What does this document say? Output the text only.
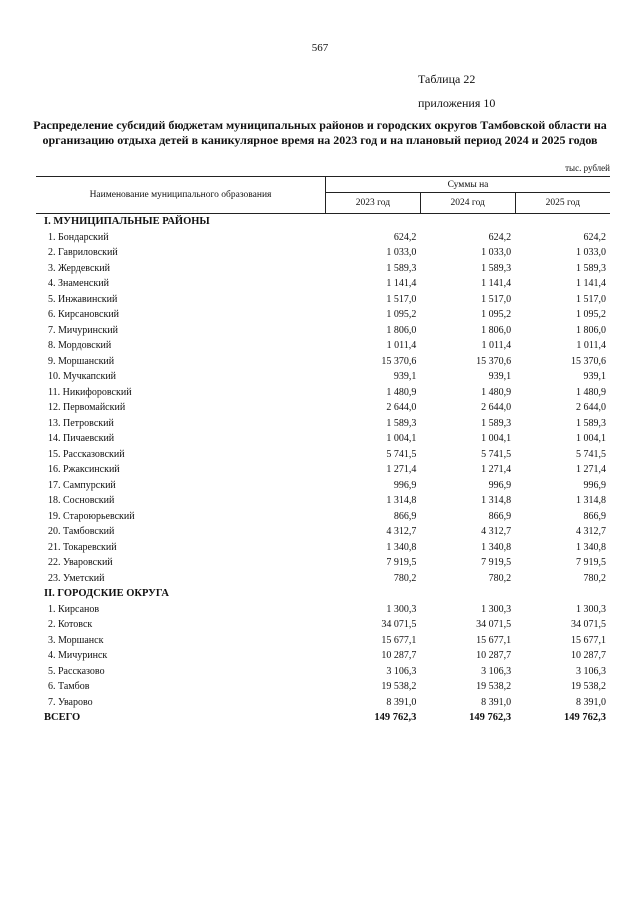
567
Таблица 22
приложения 10
Распределение субсидий бюджетам муниципальных районов и городских округов Тамбовской области на организацию отдыха детей в каникулярное время на 2023 год и на плановый период 2024 и 2025 годов
тыс. рублей
Наименование муниципального образования	Суммы на		
	2023 год	2024 год	2025 год
I. МУНИЦИПАЛЬНЫЕ РАЙОНЫ			
1. Бондарский	624,2	624,2	624,2
2. Гавриловский	1 033,0	1 033,0	1 033,0
3. Жердевский	1 589,3	1 589,3	1 589,3
4. Знаменский	1 141,4	1 141,4	1 141,4
5. Инжавинский	1 517,0	1 517,0	1 517,0
6. Кирсановский	1 095,2	1 095,2	1 095,2
7. Мичуринский	1 806,0	1 806,0	1 806,0
8. Мордовский	1 011,4	1 011,4	1 011,4
9. Моршанский	15 370,6	15 370,6	15 370,6
10. Мучкапский	939,1	939,1	939,1
11. Никифоровский	1 480,9	1 480,9	1 480,9
12. Первомайский	2 644,0	2 644,0	2 644,0
13. Петровский	1 589,3	1 589,3	1 589,3
14. Пичаевский	1 004,1	1 004,1	1 004,1
15. Рассказовский	5 741,5	5 741,5	5 741,5
16. Ржаксинский	1 271,4	1 271,4	1 271,4
17. Сампурский	996,9	996,9	996,9
18. Сосновский	1 314,8	1 314,8	1 314,8
19. Староюрьевский	866,9	866,9	866,9
20. Тамбовский	4 312,7	4 312,7	4 312,7
21. Токаревский	1 340,8	1 340,8	1 340,8
22. Уваровский	7 919,5	7 919,5	7 919,5
23. Уметский	780,2	780,2	780,2
II. ГОРОДСКИЕ ОКРУГА			
1. Кирсанов	1 300,3	1 300,3	1 300,3
2. Котовск	34 071,5	34 071,5	34 071,5
3. Моршанск	15 677,1	15 677,1	15 677,1
4. Мичуринск	10 287,7	10 287,7	10 287,7
5. Рассказово	3 106,3	3 106,3	3 106,3
6. Тамбов	19 538,2	19 538,2	19 538,2
7. Уварово	8 391,0	8 391,0	8 391,0
ВСЕГО	149 762,3	149 762,3	149 762,3
